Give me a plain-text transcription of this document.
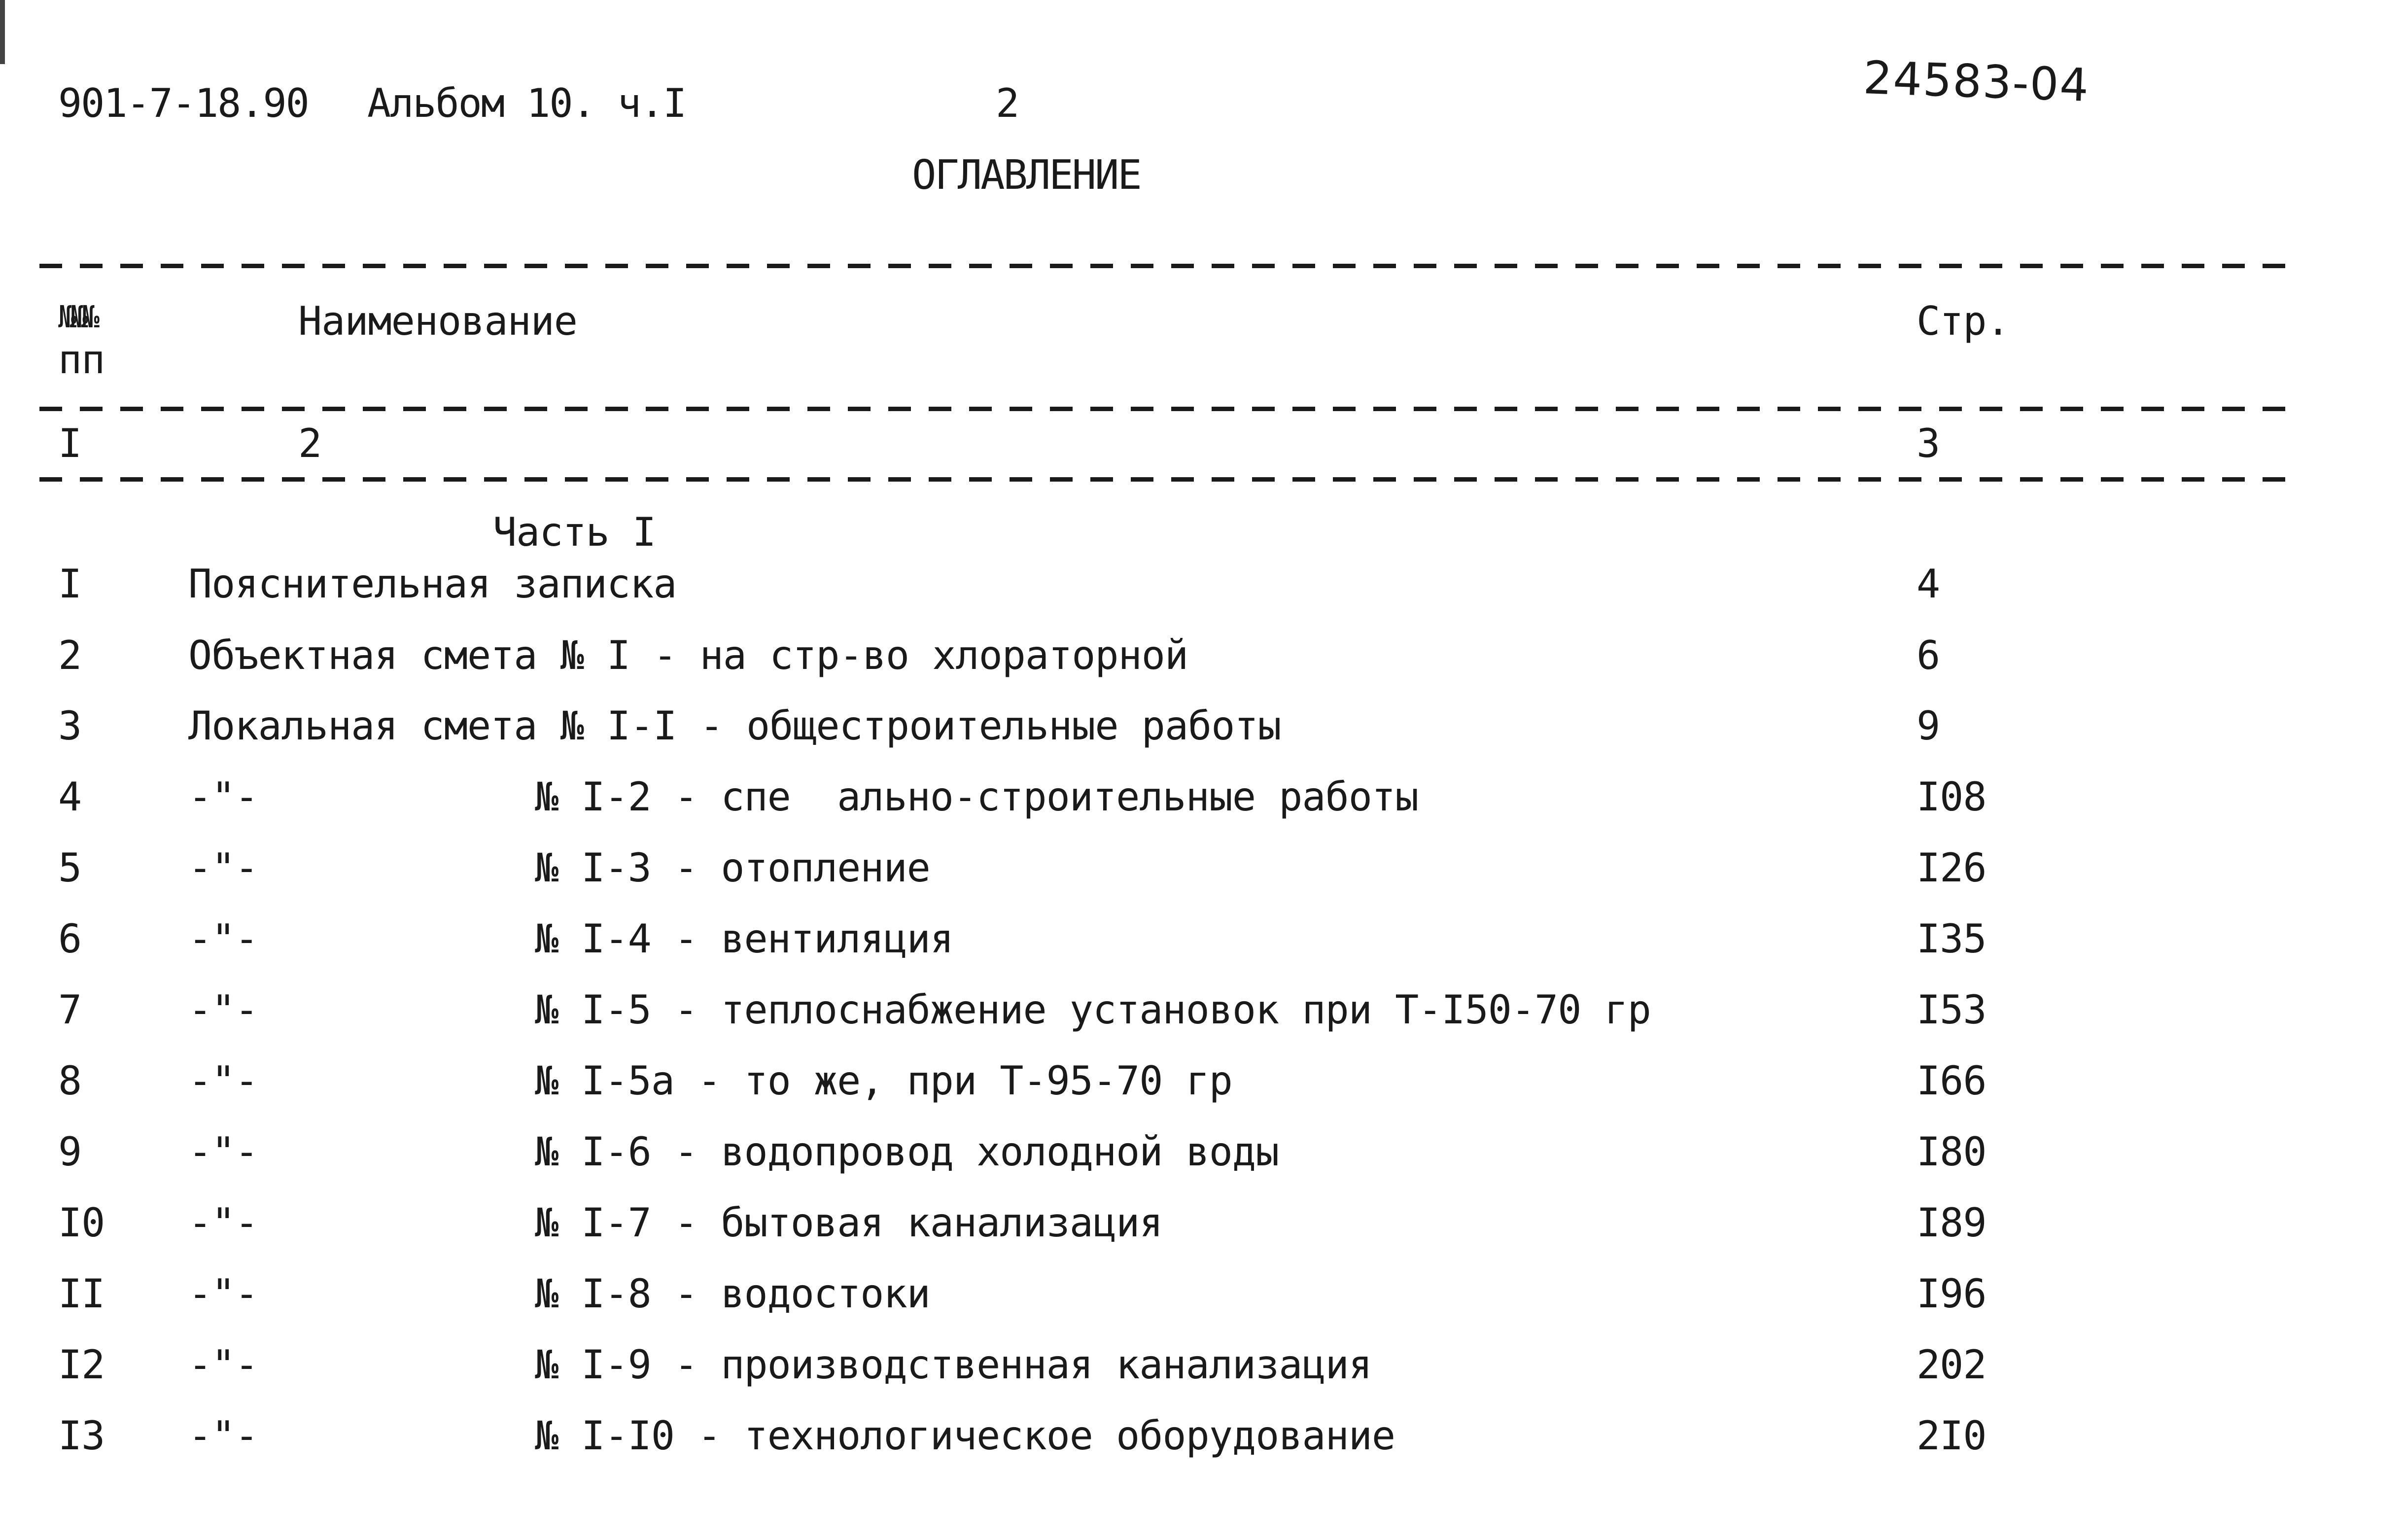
901-7-18.90 Альбом 10. ч.I	2	24583-04
ОГЛАВЛЕНИЕ
№№№
пп
Наименование	Стр.
I	2	3
Часть I
I	Пояснительная записка	4
2	Объектная смета № I - на стр-во хлораторной	6
3	Локальная смета № I-I - общестроительные работы	9
4	-"-	№ I-2 - спе  ально-строительные работы	I08
5	-"-	№ I-3 - отопление	I26
6	-"-	№ I-4 - вентиляция	I35
7	-"-	№ I-5 - теплоснабжение установок при Т-I50-70 гр	I53
8	-"-	№ I-5а - то же, при Т-95-70 гр	I66
9	-"-	№ I-6 - водопровод холодной воды	I80
I0 -"-	№ I-7 - бытовая канализация	I89
II -"-	№ I-8 - водостоки	I96
I2 -"-	№ I-9 - производственная канализация	202
I3 -"-	№ I-I0 - технологическое оборудование	2I0
